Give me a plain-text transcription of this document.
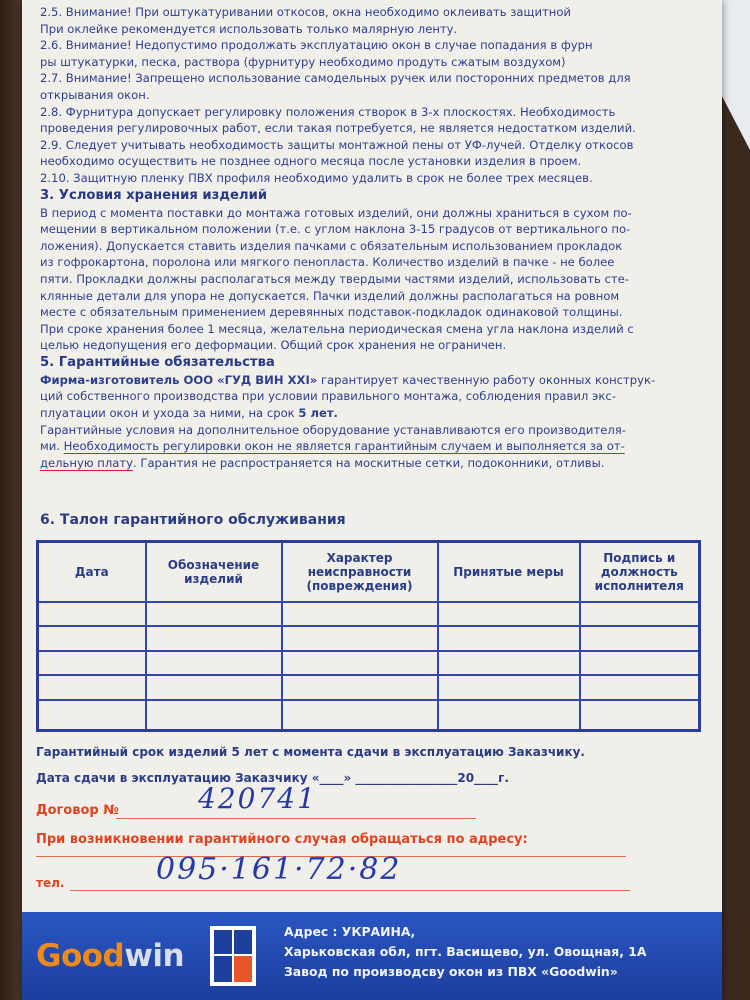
2.5. Внимание! При оштукатуривании откосов, окна необходимо оклеивать защитной

При оклейке рекомендуется использовать только малярную ленту.

2.6. Внимание! Недопустимо продолжать эксплуатацию окон в случае попадания в фурн

ры штукатурки, песка, раствора (фурнитуру необходимо продуть сжатым воздухом)

2.7. Внимание! Запрещено использование самодельных ручек или посторонних предметов для

открывания окон.

2.8. Фурнитура допускает регулировку положения створок в 3-х плоскостях. Необходимость

проведения регулировочных работ, если такая потребуется, не является недостатком изделий.

2.9. Следует учитывать необходимость защиты монтажной пены от УФ-лучей. Отделку откосов

необходимо осуществить не позднее одного месяца после установки изделия в проем.

2.10. Защитную пленку ПВХ профиля необходимо удалить в срок не более трех месяцев.

3. Условия хранения изделий

В период с момента поставки до монтажа готовых изделий, они должны храниться в сухом по-

мещении в вертикальном положении (т.е. с углом наклона 3-15 градусов от вертикального по-

ложения). Допускается ставить изделия пачками с обязательным использованием прокладок

из гофрокартона, поролона или мягкого пенопласта. Количество изделий в пачке - не более

пяти. Прокладки должны располагаться между твердыми частями изделий, использовать сте-

клянные детали для упора не допускается. Пачки изделий должны располагаться на ровном

месте с обязательным применением деревянных подставок-подкладок одинаковой толщины.

При сроке хранения более 1 месяца, желательна периодическая смена угла наклона изделий с

целью недопущения его деформации. Общий срок хранения не ограничен.

5. Гарантийные обязательства

Фирма-изготовитель ООО «ГУД ВИН XXI» гарантирует качественную работу оконных конструк-

ций собственного производства при условии правильного монтажа, соблюдения правил экс-

плуатации окон и ухода за ними, на срок 5 лет.

Гарантийные условия на дополнительное оборудование устанавливаются его производителя-

ми. Необходимость регулировки окон не является гарантийным случаем и выполняется за от-

дельную плату. Гарантия не распространяется на москитные сетки, подоконники, отливы.

6. Талон гарантийного обслуживания
Дата	Обозначение изделий	Характер неисправности (повреждения)	Принятые меры	Подпись и должность исполнителя

Гарантийный срок изделий 5 лет с момента сдачи в эксплуатацию Заказчику.
Дата сдачи в эксплуатацию Заказчику «____» _________________20____г.
Договор №	420741
При возникновении гарантийного случая обращаться по адресу:
тел.	095·161·72·82
Goodwin
Адрес : УКРАИНА,
Харьковская обл, пгт. Васищево, ул. Овощная, 1А
Завод по производсву окон из ПВХ «Goodwin»
